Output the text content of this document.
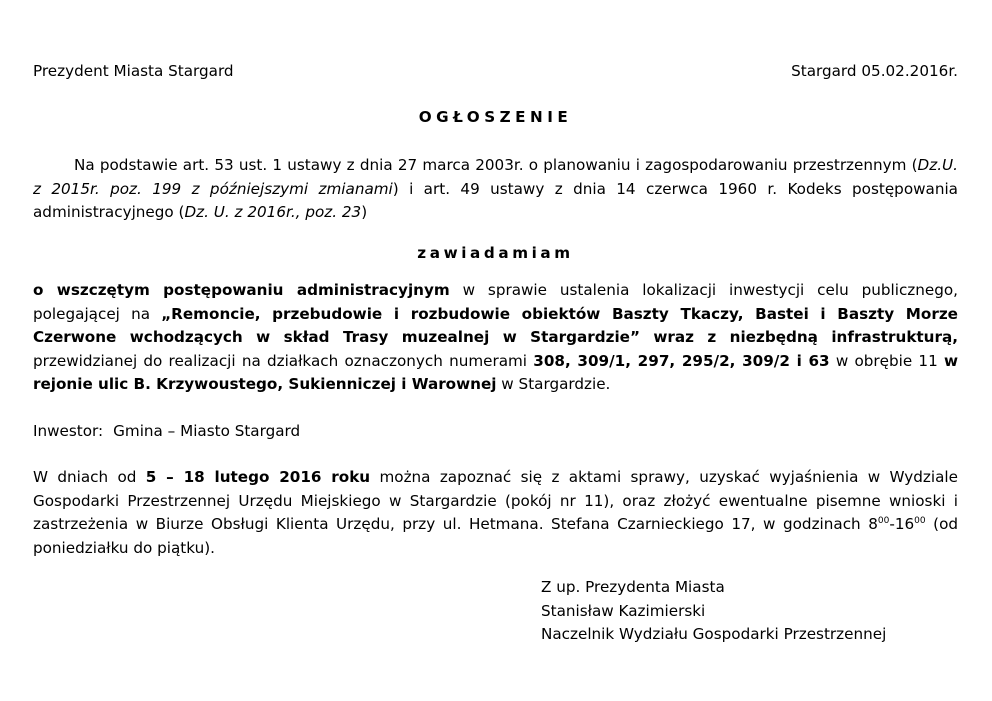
Prezydent Miasta Stargard	Stargard 05.02.2016r.
OGŁOSZENIE

Na podstawie art. 53 ust. 1 ustawy z dnia 27 marca 2003r. o planowaniu i zagospodarowaniu przestrzennym (Dz.U. z 2015r. poz. 199 z późniejszymi zmianami) i art. 49 ustawy z dnia 14 czerwca 1960 r. Kodeks postępowania administracyjnego (Dz. U. z 2016r., poz. 23)

zawiadamiam

o wszczętym postępowaniu administracyjnym w sprawie ustalenia lokalizacji inwestycji celu publicznego, polegającej na „Remoncie, przebudowie i rozbudowie obiektów Baszty Tkaczy, Bastei i Baszty Morze Czerwone wchodzących w skład Trasy muzealnej w Stargardzie” wraz z niezbędną infrastrukturą, przewidzianej do realizacji na działkach oznaczonych numerami 308, 309/1, 297, 295/2, 309/2 i 63 w obrębie 11 w rejonie ulic B. Krzywoustego, Sukienniczej i Warownej w Stargardzie.

Inwestor: Gmina – Miasto Stargard

W dniach od 5 – 18 lutego 2016 roku można zapoznać się z aktami sprawy, uzyskać wyjaśnienia w Wydziale Gospodarki Przestrzennej Urzędu Miejskiego w Stargardzie (pokój nr 11), oraz złożyć ewentualne pisemne wnioski i zastrzeżenia w Biurze Obsługi Klienta Urzędu, przy ul. Hetmana. Stefana Czarnieckiego 17, w godzinach $8^{00}-16^{00}$ (od poniedziałku do piątku).

Z up. Prezydenta Miasta
Stanisław Kazimierski
Naczelnik Wydziału Gospodarki Przestrzennej
